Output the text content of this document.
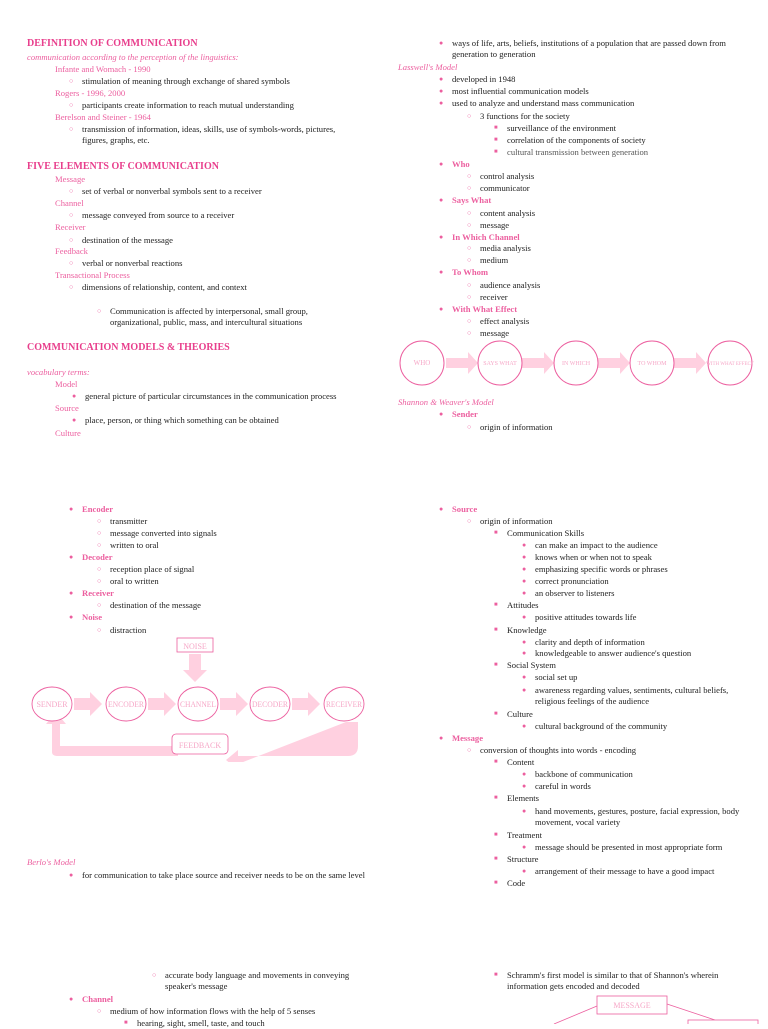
DEFINITION OF COMMUNICATION
communication according to the perception of the linguistics:
Infante and Womach - 1990
○ stimulation of meaning through exchange of shared symbols
Rogers - 1996, 2000
○ participants create information to reach mutual understanding
Berelson and Steiner - 1964
○ transmission of information, ideas, skills, use of symbols-words, pictures, figures, graphs, etc.
FIVE ELEMENTS OF COMMUNICATION
Message
○ set of verbal or nonverbal symbols sent to a receiver
Channel
○ message conveyed from source to a receiver
Receiver
○ destination of the message
Feedback
○ verbal or nonverbal reactions
Transactional Process
○ dimensions of relationship, content, and context
○ Communication is affected by interpersonal, small group, organizational, public, mass, and intercultural situations
COMMUNICATION MODELS & THEORIES
vocabulary terms:
Model
● general picture of particular circumstances in the communication process
Source
● place, person, or thing which something can be obtained
Culture
● ways of life, arts, beliefs, institutions of a population that are passed down from generation to generation
Lasswell's Model
● developed in 1948
● most influential communication models
● used to analyze and understand mass communication
○ 3 functions for the society
■ surveillance of the environment
■ correlation of the components of society
■ cultural transmission between generation
● Who
○ control analysis
○ communicator
● Says What
○ content analysis
○ message
● In Which Channel
○ media analysis
○ medium
● To Whom
○ audience analysis
○ receiver
● With What Effect
○ effect analysis
○ message
WHO	SAYS WHAT	IN WHICH	TO WHOM	WITH WHAT EFFECT
Shannon & Weaver's Model
● Sender
○ origin of information
● Encoder
○ transmitter
○ message converted into signals
○ written to oral
● Decoder
○ reception place of signal
○ oral to written
● Receiver
○ destination of the message
● Noise
○ distraction
NOISE
FEEDBACK
SENDER	ENCODER	CHANNEL	DECODER	RECEIVER
Berlo's Model
● for communication to take place source and receiver needs to be on the same level
● Source
○ origin of information
■ Communication Skills
● can make an impact to the audience
● knows when or when not to speak
● emphasizing specific words or phrases
● correct pronunciation
● an observer to listeners
■ Attitudes
● positive attitudes towards life
■ Knowledge
● clarity and depth of information
● knowledgeable to answer audience's question
■ Social System
● social set up
● awareness regarding values, sentiments, cultural beliefs, religious feelings of the audience
■ Culture
● cultural background of the community
● Message
○ conversion of thoughts into words - encoding
■ Content
● backbone of communication
● careful in words
■ Elements
● hand movements, gestures, posture, facial expression, body movement, vocal variety
■ Treatment
● message should be presented in most appropriate form
■ Structure
● arrangement of their message to have a good impact
■ Code
○ accurate body language and movements in conveying speaker's message
● Channel
○ medium of how information flows with the help of 5 senses
■ hearing, sight, smell, taste, and touch
■ Schramm's first model is similar to that of Shannon's wherein information gets encoded and decoded
MESSAGE
